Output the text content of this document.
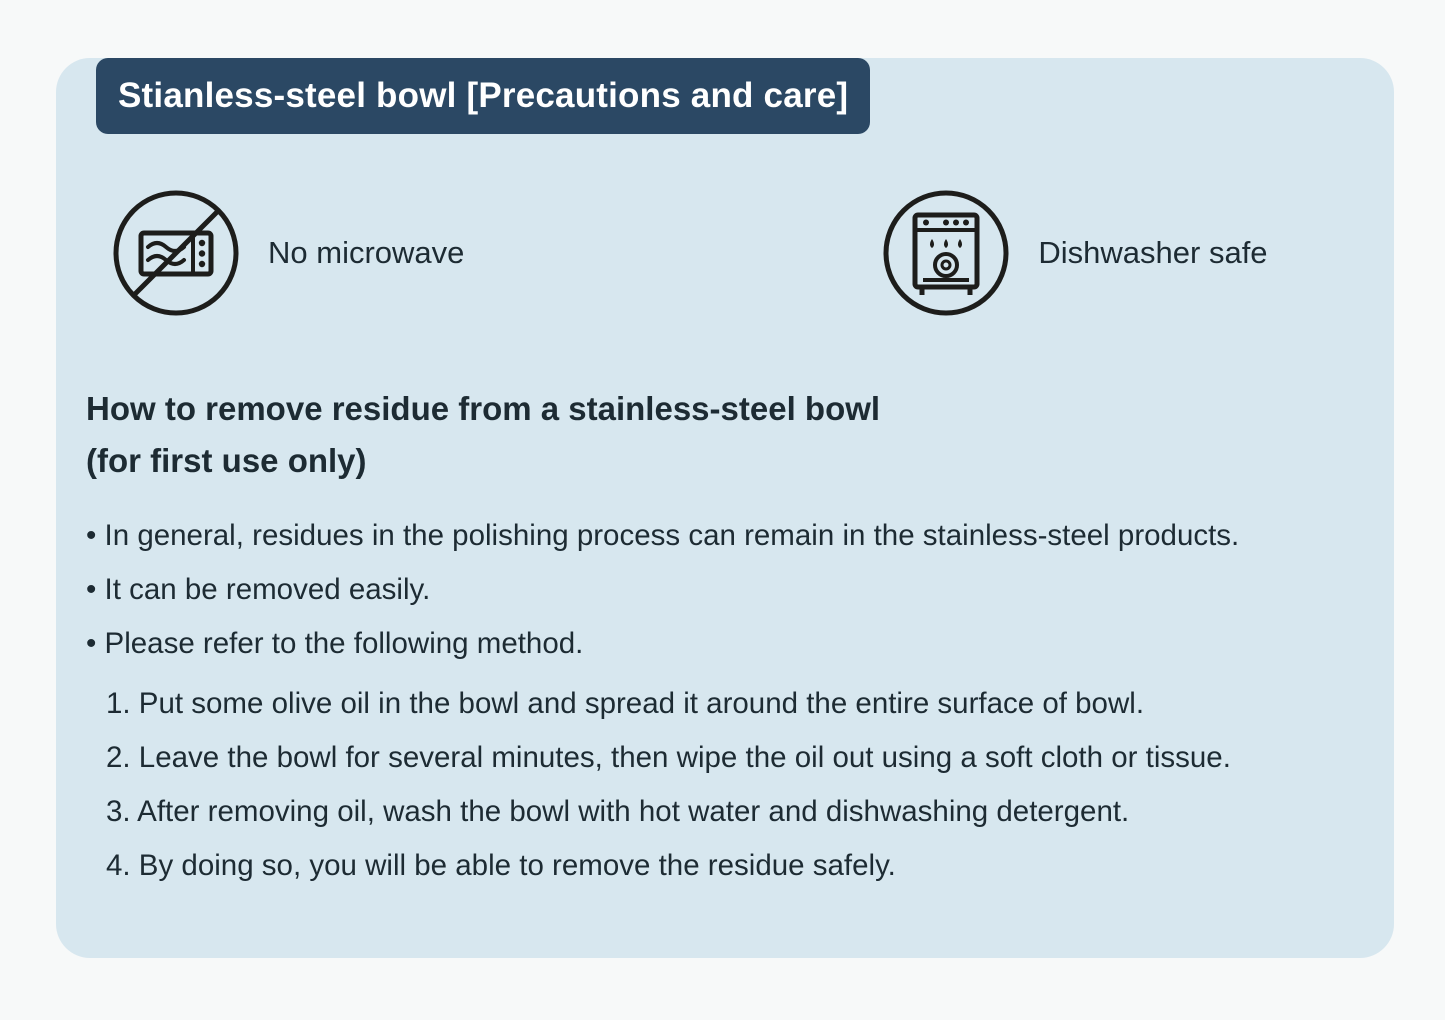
Stianless-steel bowl [Precautions and care]
No microwave	Dishwasher safe
How to remove residue from a stainless-steel bowl
(for first use only)
• In general, residues in the polishing process can remain in the stainless-steel products.
• It can be removed easily.
• Please refer to the following method.
1. Put some olive oil in the bowl and spread it around the entire surface of bowl.
2. Leave the bowl for several minutes, then wipe the oil out using a soft cloth or tissue.
3. After removing oil, wash the bowl with hot water and dishwashing detergent.
4. By doing so, you will be able to remove the residue safely.
